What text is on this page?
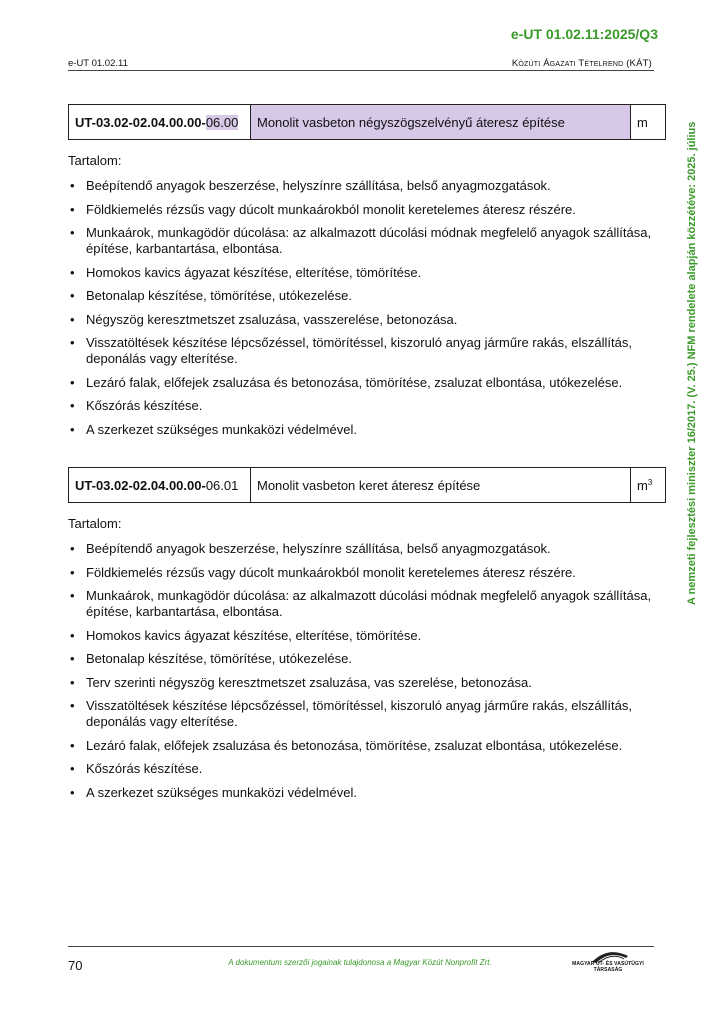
e-UT 01.02.11:2025/Q3
e-UT 01.02.11	Közúti Ágazati Tételrend (KÁT)
A nemzeti fejlesztési miniszter 16/2017. (V. 25.) NFM rendelete alapján közzétéve: 2025. július
UT-03.02-02.04.00.00- 06.00	Monolit vasbeton négyszögszelvényű áteresz építése	m
Tartalom:
• Beépítendő anyagok beszerzése, helyszínre szállítása, belső anyagmozgatások.
• Földkiemelés rézsűs vagy dúcolt munkaárokból monolit keretelemes áteresz részére.
• Munkaárok, munkagödör dúcolása: az alkalmazott dúcolási módnak megfelelő anyagok szállítása, építése, karbantartása, elbontása.
• Homokos kavics ágyazat készítése, elterítése, tömörítése.
• Betonalap készítése, tömörítése, utókezelése.
• Négyszög keresztmetszet zsaluzása, vasszerelése, betonozása.
• Visszatöltések készítése lépcsőzéssel, tömörítéssel, kiszoruló anyag járműre rakás, elszállítás, deponálás vagy elterítése.
• Lezáró falak, előfejek zsaluzása és betonozása, tömörítése, zsaluzat elbontása, utókezelése.
• Kőszórás készítése.
• A szerkezet szükséges munkaközi védelmével.
UT-03.02-02.04.00.00- 06.01	Monolit vasbeton keret áteresz építése	$m^3$
Tartalom:
• Beépítendő anyagok beszerzése, helyszínre szállítása, belső anyagmozgatások.
• Földkiemelés rézsűs vagy dúcolt munkaárokból monolit keretelemes áteresz részére.
• Munkaárok, munkagödör dúcolása: az alkalmazott dúcolási módnak megfelelő anyagok szállítása, építése, karbantartása, elbontása.
• Homokos kavics ágyazat készítése, elterítése, tömörítése.
• Betonalap készítése, tömörítése, utókezelése.
• Terv szerinti négyszög keresztmetszet zsaluzása, vas szerelése, betonozása.
• Visszatöltések készítése lépcsőzéssel, tömörítéssel, kiszoruló anyag járműre rakás, elszállítás, deponálás vagy elterítése.
• Lezáró falak, előfejek zsaluzása és betonozása, tömörítése, zsaluzat elbontása, utókezelése.
• Kőszórás készítése.
• A szerkezet szükséges munkaközi védelmével.
70	A dokumentum szerzői jogainak tulajdonosa a Magyar Közút Nonprofit Zrt.	MAGYAR ÚT- ÉS VASÚTÜGYI TÁRSASÁG
